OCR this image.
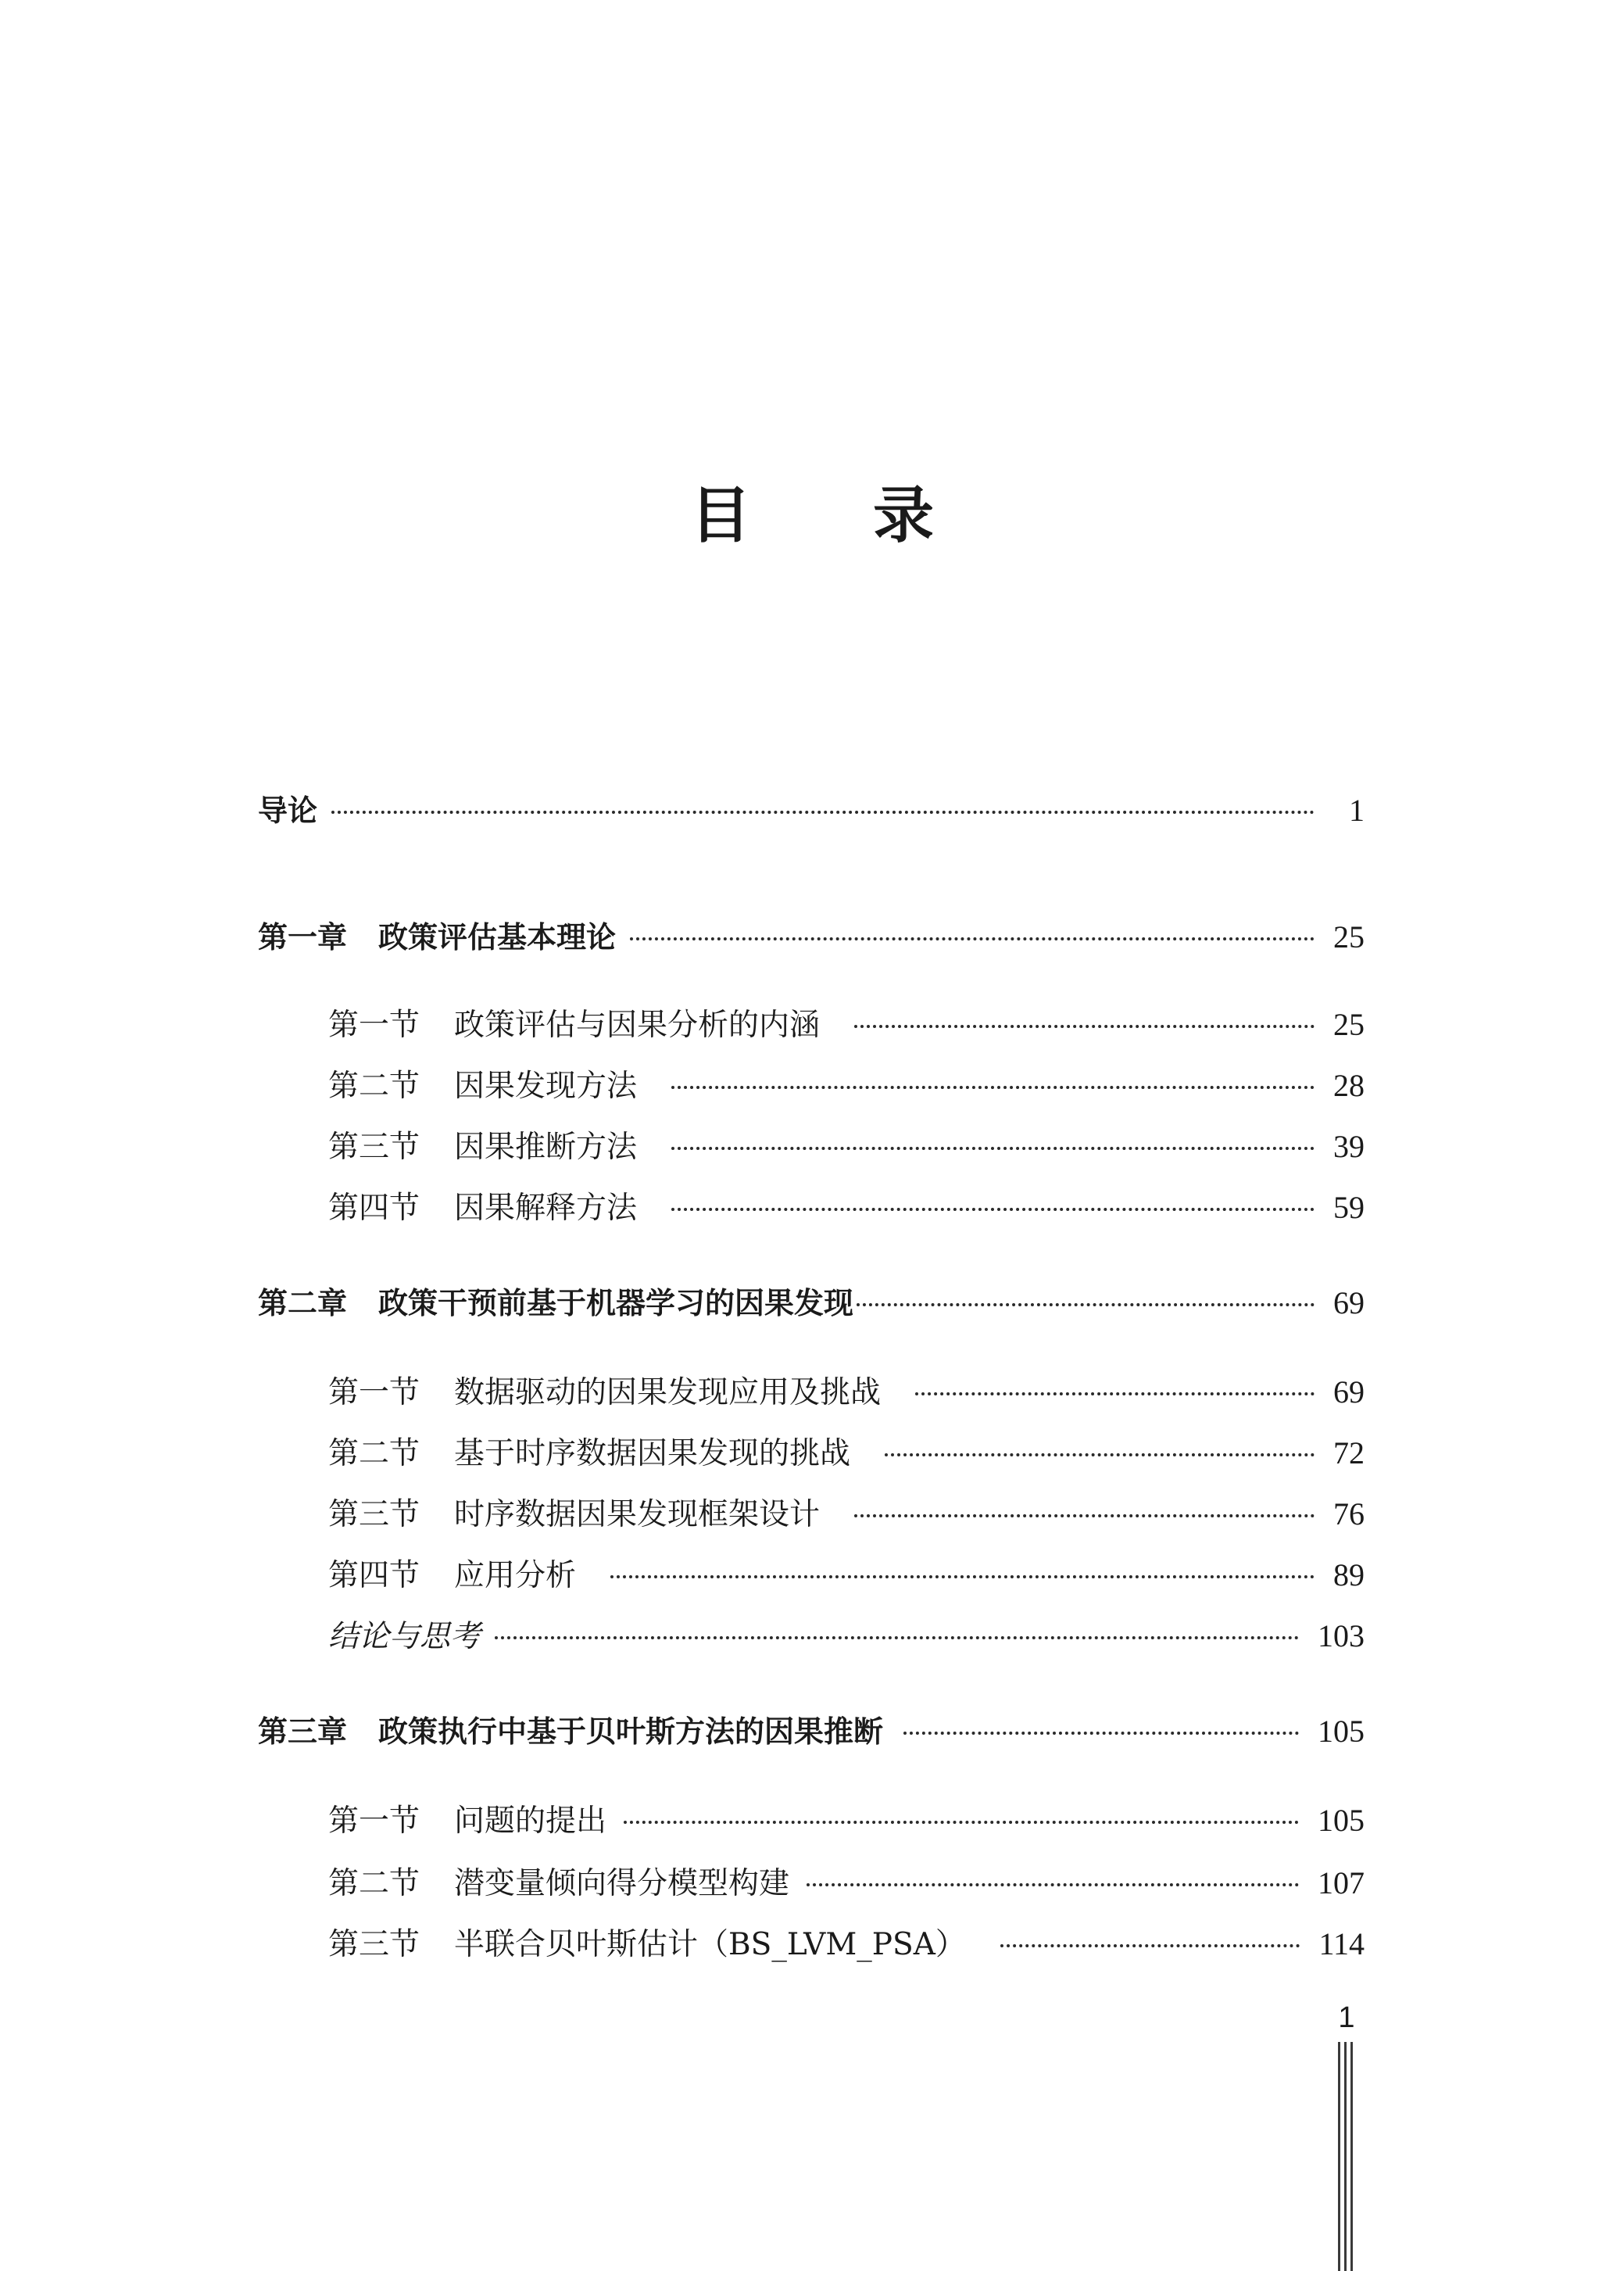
目　　录
导论	1
第一章 政策评估基本理论	25
第一节 政策评估与因果分析的内涵	25
第二节 因果发现方法	28
第三节 因果推断方法	39
第四节 因果解释方法	59
第二章 政策干预前基于机器学习的因果发现	69
第一节 数据驱动的因果发现应用及挑战	69
第二节 基于时序数据因果发现的挑战	72
第三节 时序数据因果发现框架设计	76
第四节 应用分析	89
结论与思考	103
第三章 政策执行中基于贝叶斯方法的因果推断	105
第一节 问题的提出	105
第二节 潜变量倾向得分模型构建	107
第三节 半联合贝叶斯估计（BS_LVM_PSA）	114
1
